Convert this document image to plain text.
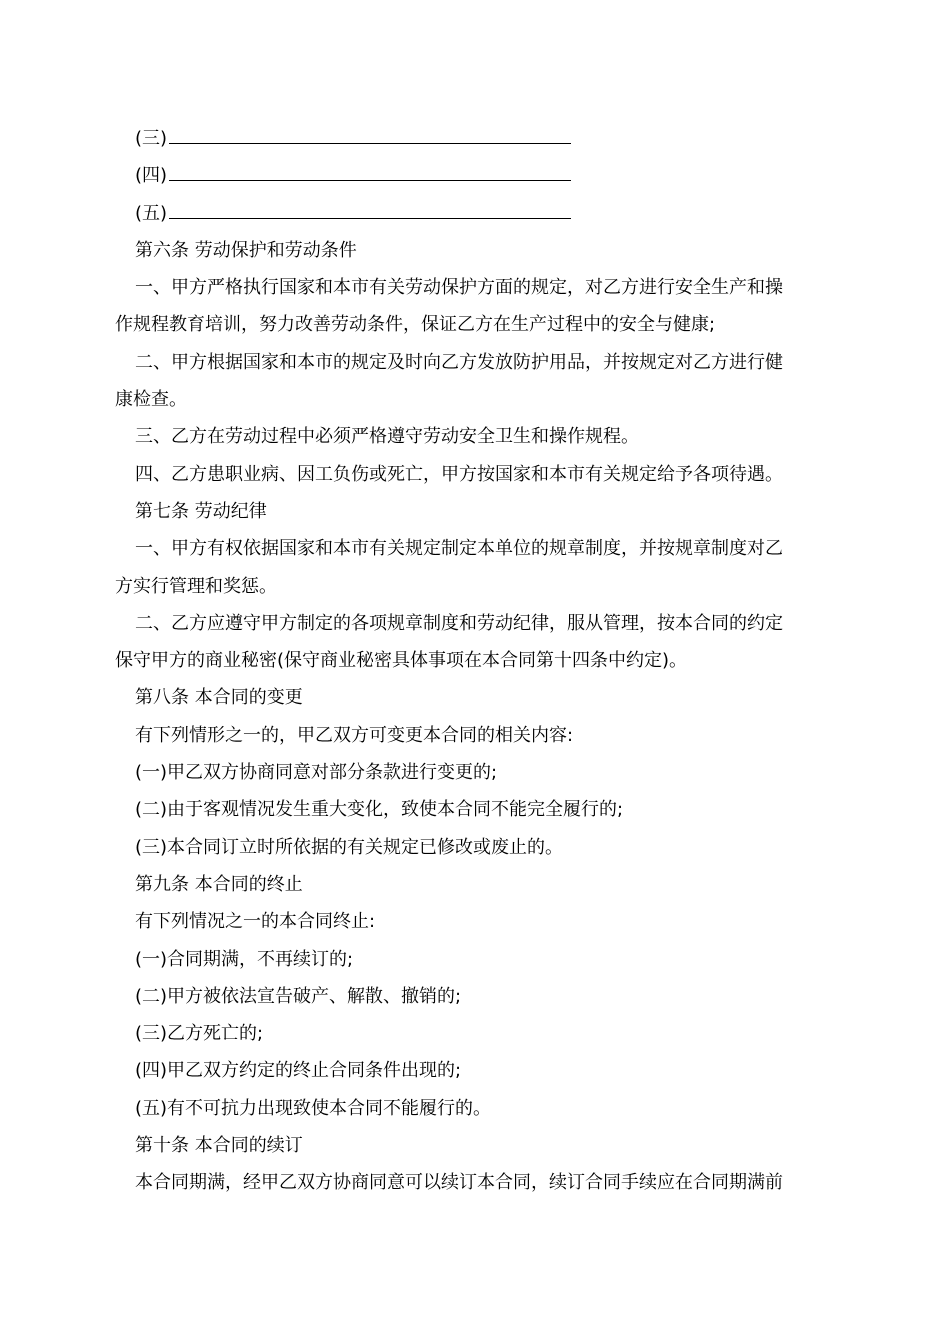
(三)
(四)
(五)
第六条 劳动保护和劳动条件
一、甲方严格执行国家和本市有关劳动保护方面的规定，对乙方进行安全生产和操
作规程教育培训，努力改善劳动条件，保证乙方在生产过程中的安全与健康;
二、甲方根据国家和本市的规定及时向乙方发放防护用品，并按规定对乙方进行健
康检查。
三、乙方在劳动过程中必须严格遵守劳动安全卫生和操作规程。
四、乙方患职业病、因工负伤或死亡，甲方按国家和本市有关规定给予各项待遇。
第七条 劳动纪律
一、甲方有权依据国家和本市有关规定制定本单位的规章制度，并按规章制度对乙
方实行管理和奖惩。
二、乙方应遵守甲方制定的各项规章制度和劳动纪律，服从管理，按本合同的约定
保守甲方的商业秘密(保守商业秘密具体事项在本合同第十四条中约定)。
第八条 本合同的变更
有下列情形之一的，甲乙双方可变更本合同的相关内容:
(一)甲乙双方协商同意对部分条款进行变更的;
(二)由于客观情况发生重大变化，致使本合同不能完全履行的;
(三)本合同订立时所依据的有关规定已修改或废止的。
第九条 本合同的终止
有下列情况之一的本合同终止:
(一)合同期满，不再续订的;
(二)甲方被依法宣告破产、解散、撤销的;
(三)乙方死亡的;
(四)甲乙双方约定的终止合同条件出现的;
(五)有不可抗力出现致使本合同不能履行的。
第十条 本合同的续订
本合同期满，经甲乙双方协商同意可以续订本合同，续订合同手续应在合同期满前
